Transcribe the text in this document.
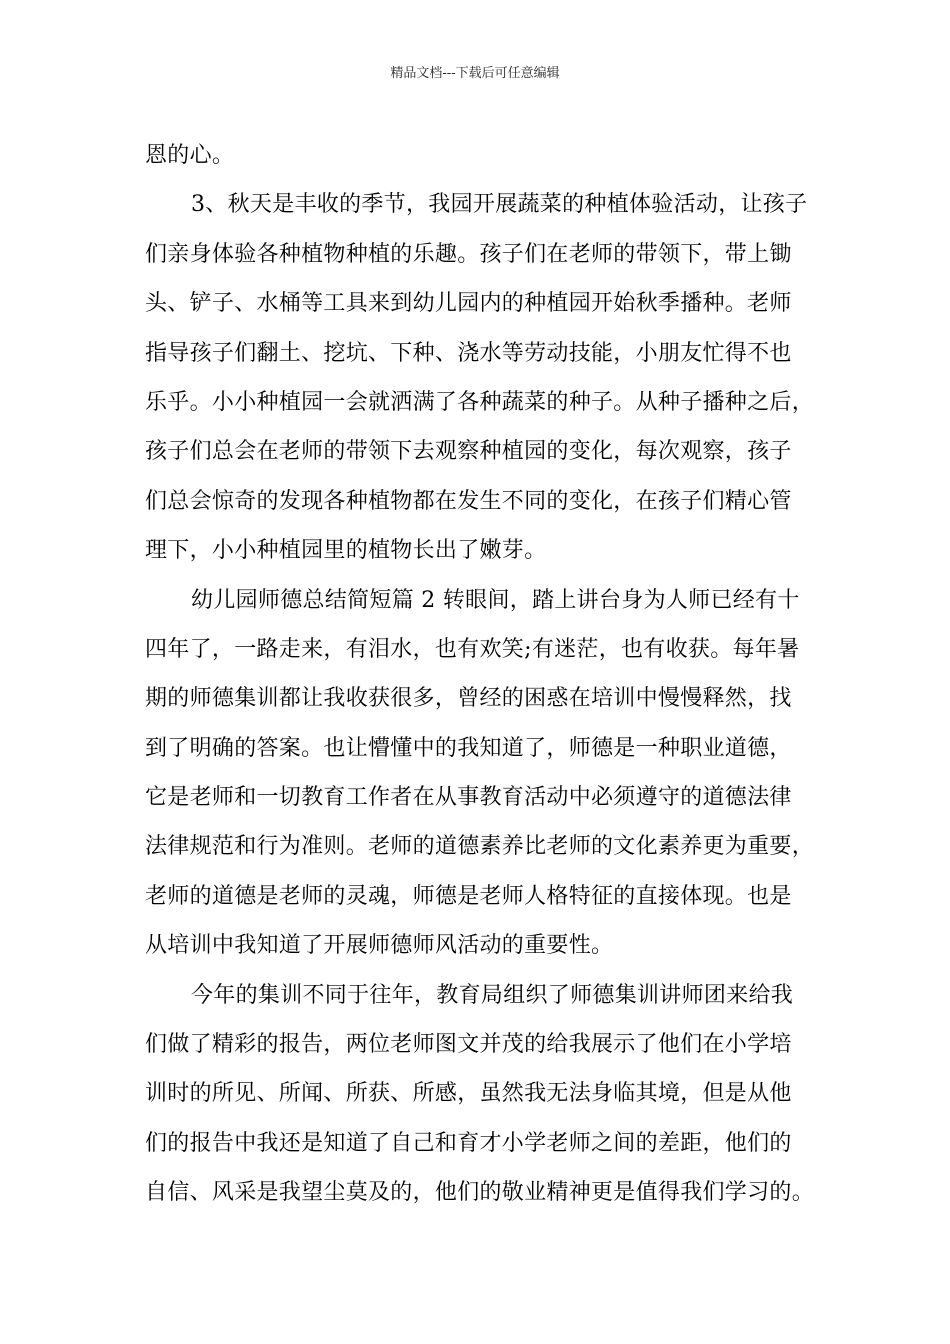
精品文档---下载后可任意编辑
恩的心。
3、秋天是丰收的季节，我园开展蔬菜的种植体验活动，让孩子
们亲身体验各种植物种植的乐趣。孩子们在老师的带领下，带上锄
头、铲子、水桶等工具来到幼儿园内的种植园开始秋季播种。老师
指导孩子们翻土、挖坑、下种、浇水等劳动技能，小朋友忙得不也
乐乎。小小种植园一会就洒满了各种蔬菜的种子。从种子播种之后，
孩子们总会在老师的带领下去观察种植园的变化，每次观察，孩子
们总会惊奇的发现各种植物都在发生不同的变化，在孩子们精心管
理下，小小种植园里的植物长出了嫩芽。
幼儿园师德总结简短篇 2 转眼间，踏上讲台身为人师已经有十
四年了，一路走来，有泪水，也有欢笑;有迷茫，也有收获。每年暑
期的师德集训都让我收获很多，曾经的困惑在培训中慢慢释然，找
到了明确的答案。也让懵懂中的我知道了，师德是一种职业道德，
它是老师和一切教育工作者在从事教育活动中必须遵守的道德法律
法律规范和行为准则。老师的道德素养比老师的文化素养更为重要，
老师的道德是老师的灵魂，师德是老师人格特征的直接体现。也是
从培训中我知道了开展师德师风活动的重要性。
今年的集训不同于往年，教育局组织了师德集训讲师团来给我
们做了精彩的报告，两位老师图文并茂的给我展示了他们在小学培
训时的所见、所闻、所获、所感，虽然我无法身临其境，但是从他
们的报告中我还是知道了自己和育才小学老师之间的差距，他们的
自信、风采是我望尘莫及的，他们的敬业精神更是值得我们学习的。
